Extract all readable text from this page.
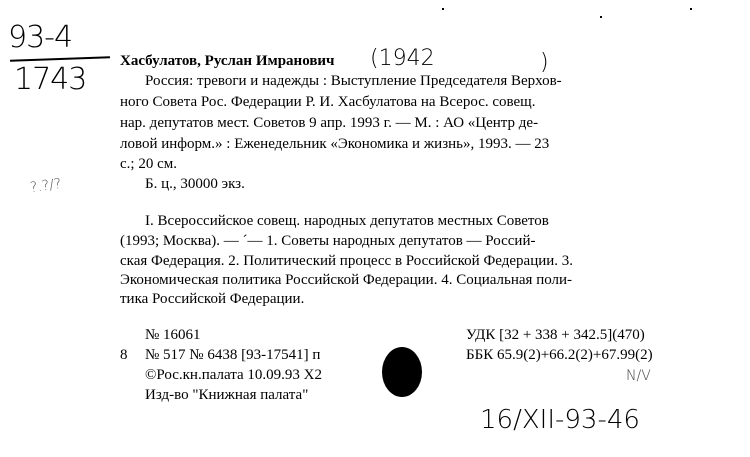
93-4
1743
Хасбулатов, Руслан Имранович (1942	)
Россия: тревоги и надежды : Выступление Председателя Верхов-
ного Совета Рос. Федерации Р. И. Хасбулатова на Всерос. совещ.
нар. депутатов мест. Советов 9 апр. 1993 г. — М. : АО «Центр де-
ловой информ.» : Еженедельник «Экономика и жизнь», 1993. — 23
с.; 20 см.
Б. ц., 30000 экз.
?.?/?
I. Всероссийское совещ. народных депутатов местных Советов
(1993; Москва). — ´— 1. Советы народных депутатов — Россий-
ская Федерация. 2. Политический процесс в Российской Федерации. 3.
Экономическая политика Российской Федерации. 4. Социальная поли-
тика Российской Федерации.
№ 16061
8 № 517 № 6438 [93-17541] п
©Рос.кн.палата 10.09.93 Х2
Изд-во "Книжная палата"
УДК [32 + 338 + 342.5](470)
ББК 65.9(2)+66.2(2)+67.99(2)
N/V
16/XII-93-46
